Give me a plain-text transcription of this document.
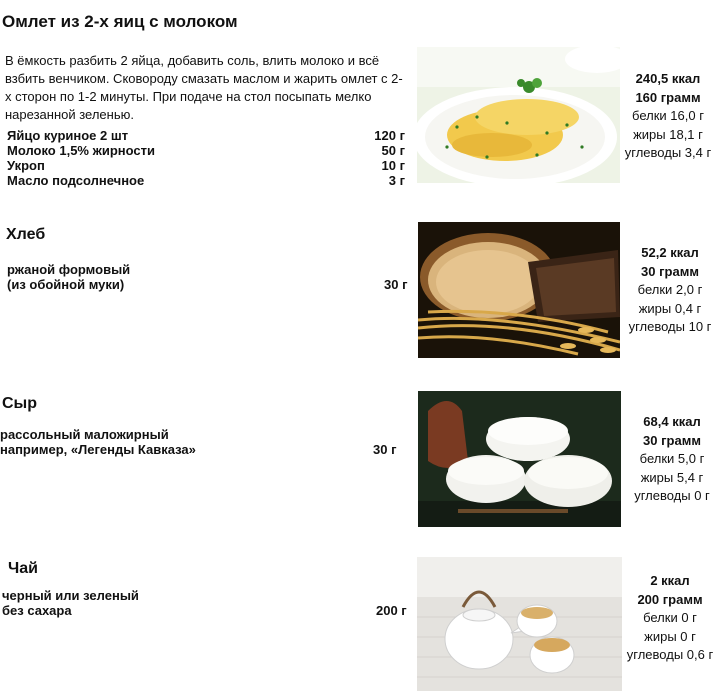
Омлет из 2-х яиц с молоком
В ёмкость разбить 2 яйца, добавить соль, влить молоко и всё взбить венчиком. Сковороду смазать маслом и жарить омлет с 2-х сторон по 1-2 минуты. При подаче на стол посыпать мелко нарезанной зеленью.
Яйцо куриное 2 шт	120 г
Молоко 1,5% жирности	50 г
Укроп	10 г
Масло подсолнечное	3 г
240,5 ккал
160 грамм
белки 16,0 г
жиры 18,1 г
углеводы 3,4 г
Хлеб
ржаной формовый
(из обойной муки)	30 г
52,2 ккал
30 грамм
белки 2,0 г
жиры 0,4 г
углеводы 10 г
Сыр
рассольный маложирный
например, «Легенды Кавказа»	30 г
68,4 ккал
30 грамм
белки 5,0 г
жиры 5,4 г
углеводы 0 г
Чай
черный или зеленый
без сахара	200 г
2 ккал
200 грамм
белки 0 г
жиры 0 г
углеводы 0,6 г
